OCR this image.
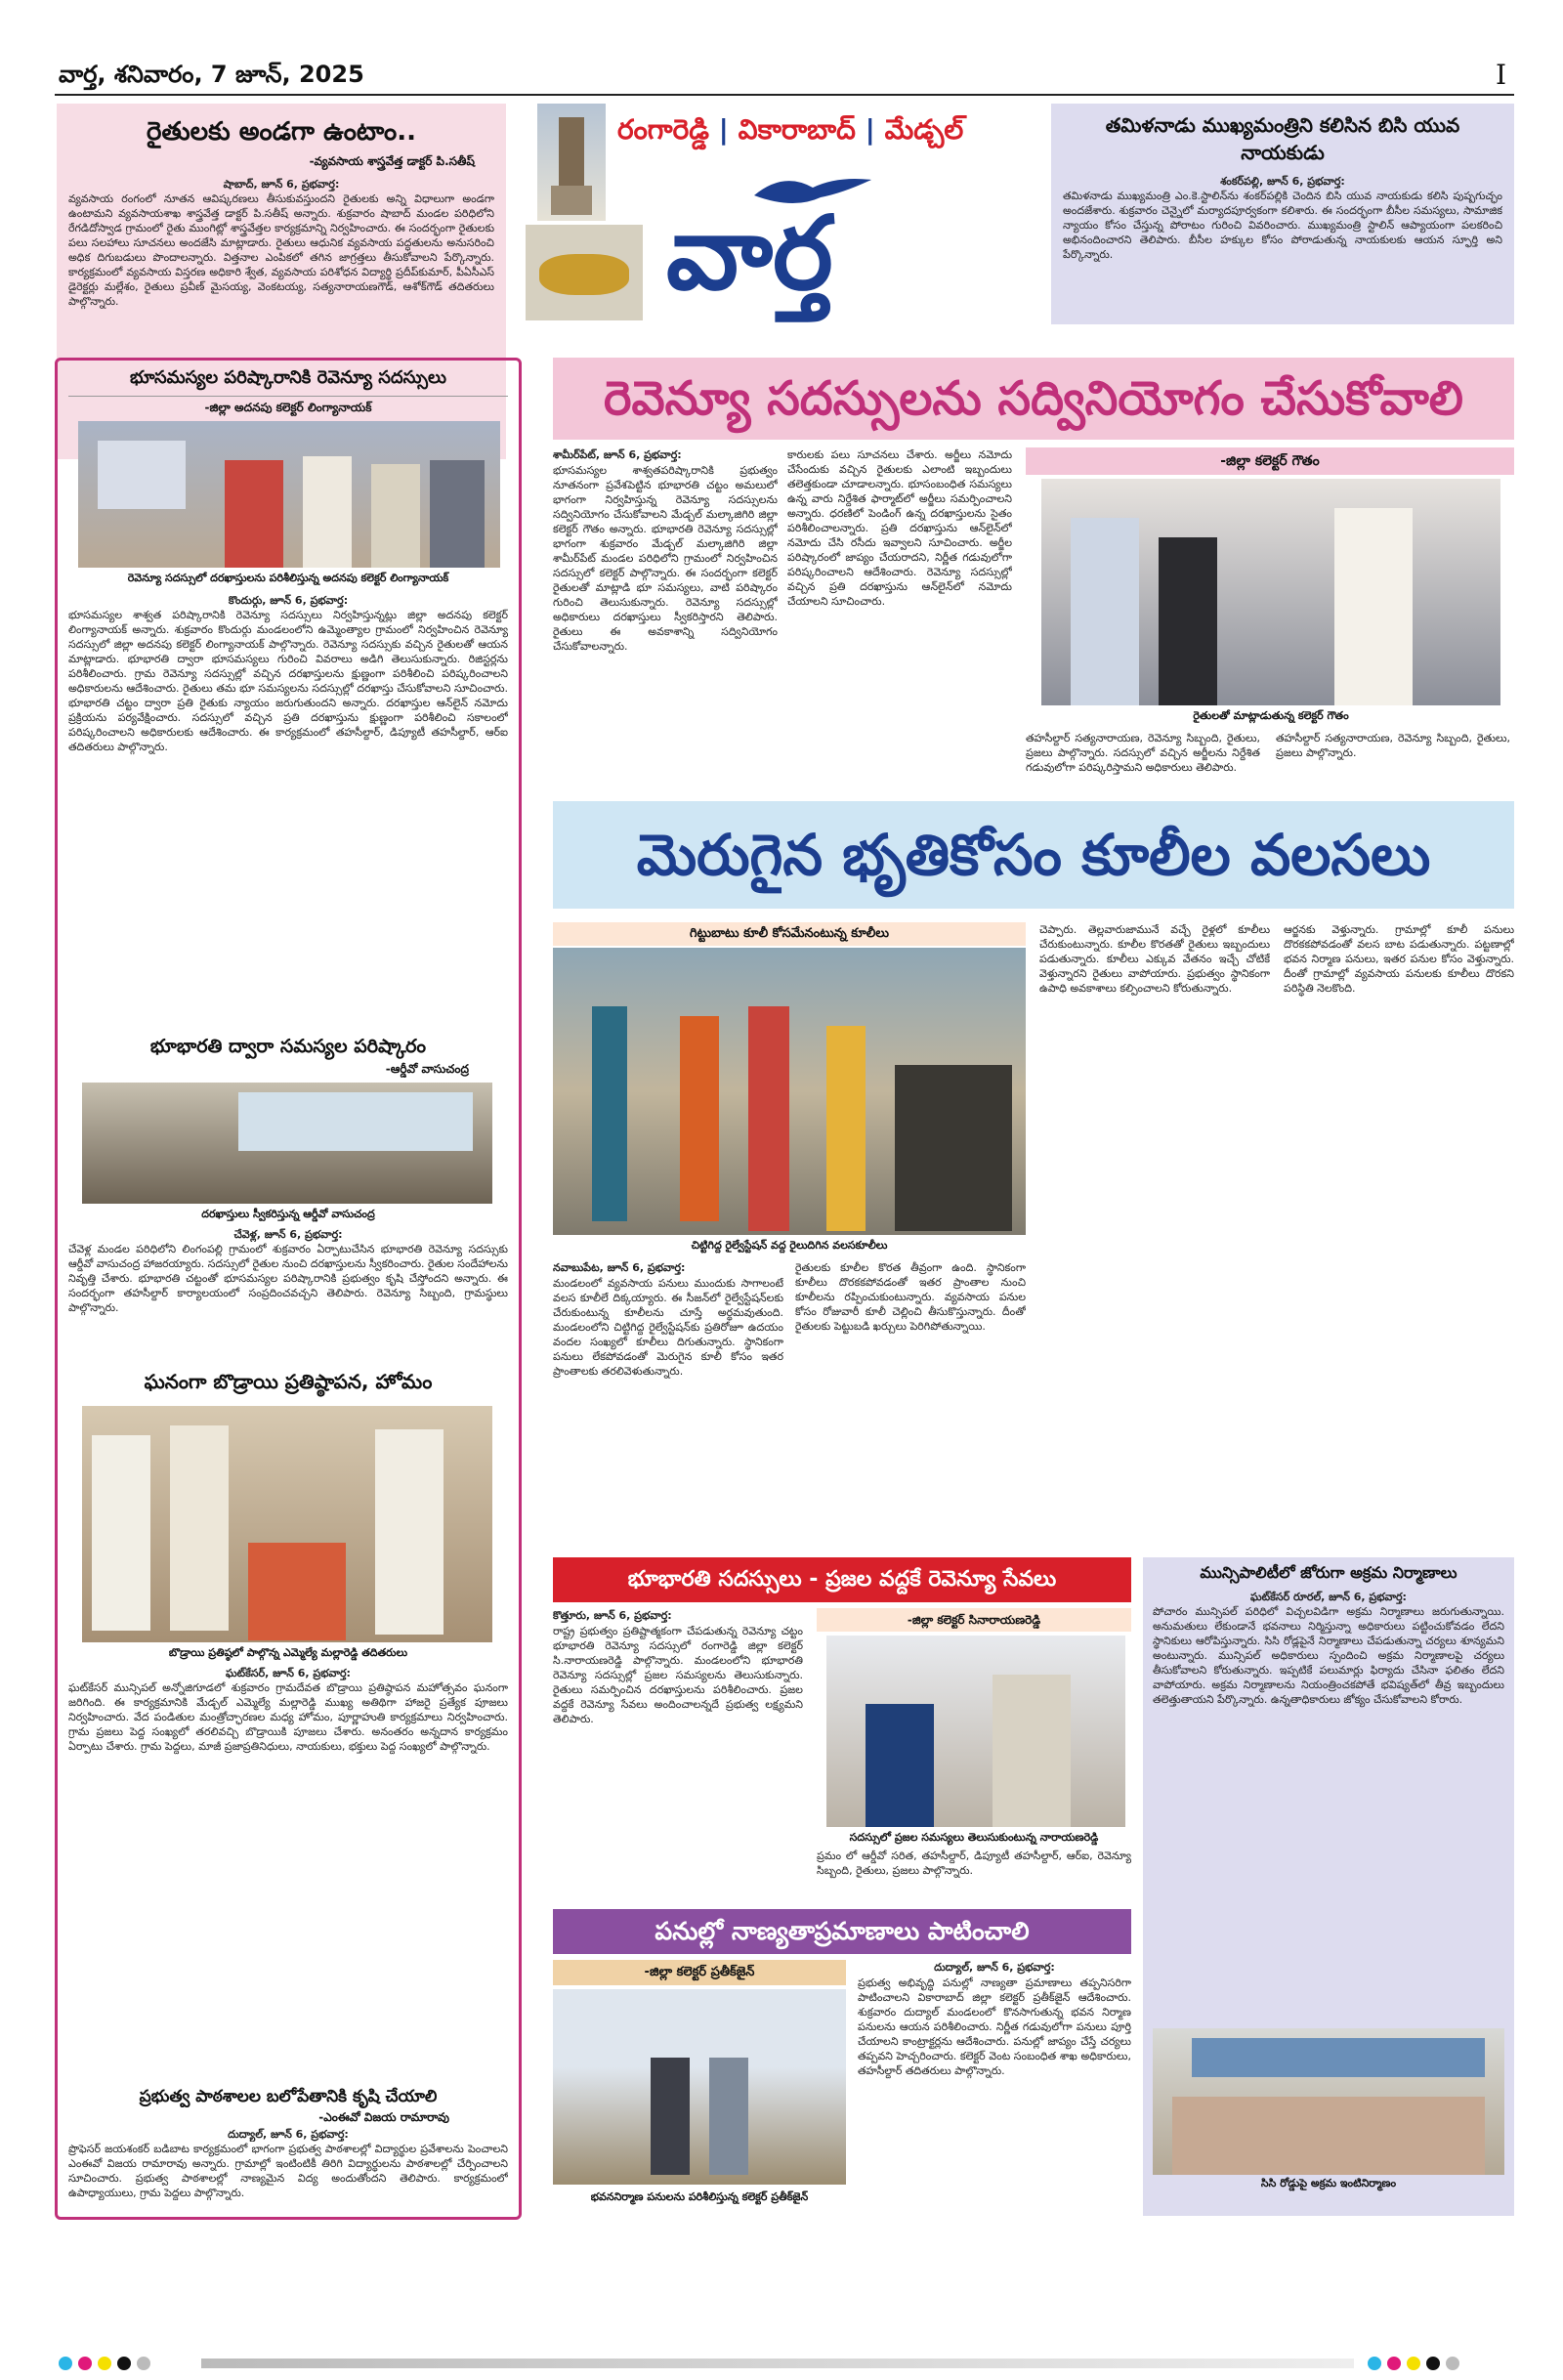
వార్త, శనివారం, 7 జూన్, 2025	I
రైతులకు అండగా ఉంటాం..
-వ్యవసాయ శాస్త్రవేత్త డాక్టర్ పి.సతీష్
షాబాద్, జూన్ 6, ప్రభవార్త:
వ్యవసాయ రంగంలో నూతన ఆవిష్కరణలు తీసుకువస్తుందని రైతులకు అన్ని విధాలుగా అండగా ఉంటామని వ్యవసాయశాఖ శాస్త్రవేత్త డాక్టర్ పి.సతీష్ అన్నారు. శుక్రవారం షాబాద్ మండల పరిధిలోని రేగడిదోస్వాడ గ్రామంలో రైతు ముంగిట్లో శాస్త్రవేత్తల కార్యక్రమాన్ని నిర్వహించారు. ఈ సందర్భంగా రైతులకు పలు సలహాలు సూచనలు అందజేసి మాట్లాడారు. రైతులు ఆధునిక వ్యవసాయ పద్ధతులను అనుసరించి అధిక దిగుబడులు పొందాలన్నారు. విత్తనాల ఎంపికలో తగిన జాగ్రత్తలు తీసుకోవాలని పేర్కొన్నారు. కార్యక్రమంలో వ్యవసాయ విస్తరణ అధికారి శ్వేత, వ్యవసాయ పరిశోధన విద్యార్థి ప్రదీప్‌కుమార్, పీఏసీఎస్ డైరెక్టర్లు మల్లేశం, రైతులు ప్రవీణ్ మైసయ్య, వెంకటయ్య, సత్యనారాయణగౌడ్, ఆశోక్‌గౌడ్ తదితరులు పాల్గొన్నారు.
రంగారెడ్డి | వికారాబాద్ | మేడ్చల్
వార్త
తమిళనాడు ముఖ్యమంత్రిని కలిసిన బిసి యువ నాయకుడు
శంకర్‌పల్లి, జూన్ 6, ప్రభవార్త:
తమిళనాడు ముఖ్యమంత్రి ఎం.కె.స్టాలిన్‌ను శంకర్‌పల్లికి చెందిన బిసి యువ నాయకుడు కలిసి పుష్పగుచ్ఛం అందజేశారు. శుక్రవారం చెన్నైలో మర్యాదపూర్వకంగా కలిశారు. ఈ సందర్భంగా బీసీల సమస్యలు, సామాజిక న్యాయం కోసం చేస్తున్న పోరాటం గురించి వివరించారు. ముఖ్యమంత్రి స్టాలిన్ ఆప్యాయంగా పలకరించి అభినందించారని తెలిపారు. బీసీల హక్కుల కోసం పోరాడుతున్న నాయకులకు ఆయన స్ఫూర్తి అని పేర్కొన్నారు.
భూసమస్యల పరిష్కారానికి రెవెన్యూ సదస్సులు
-జిల్లా అదనపు కలెక్టర్ లింగ్యానాయక్
రెవెన్యూ సదస్సులో దరఖాస్తులను పరిశీలిస్తున్న అదనపు కలెక్టర్ లింగ్యానాయక్
కొందుర్గు, జూన్ 6, ప్రభవార్త:
భూసమస్యల శాశ్వత పరిష్కారానికి రెవెన్యూ సదస్సులు నిర్వహిస్తున్నట్లు జిల్లా అదనపు కలెక్టర్ లింగ్యానాయక్ అన్నారు. శుక్రవారం కొందుర్గు మండలంలోని ఉమ్మెంత్యాల గ్రామంలో నిర్వహించిన రెవెన్యూ సదస్సులో జిల్లా అదనపు కలెక్టర్ లింగ్యానాయక్ పాల్గొన్నారు. రెవెన్యూ సదస్సుకు వచ్చిన రైతులతో ఆయన మాట్లాడారు. భూభారతి ద్వారా భూసమస్యలు గురించి వివరాలు అడిగి తెలుసుకున్నారు. రిజిస్టర్లను పరిశీలించారు. గ్రామ రెవెన్యూ సదస్సుల్లో వచ్చిన దరఖాస్తులను క్షుణ్ణంగా పరిశీలించి పరిష్కరించాలని అధికారులను ఆదేశించారు. రైతులు తమ భూ సమస్యలను సదస్సుల్లో దరఖాస్తు చేసుకోవాలని సూచించారు. భూభారతి చట్టం ద్వారా ప్రతి రైతుకు న్యాయం జరుగుతుందని అన్నారు. దరఖాస్తుల ఆన్‌లైన్ నమోదు ప్రక్రియను పర్యవేక్షించారు. సదస్సులో వచ్చిన ప్రతి దరఖాస్తును క్షుణ్ణంగా పరిశీలించి సకాలంలో పరిష్కరించాలని అధికారులకు ఆదేశించారు. ఈ కార్యక్రమంలో తహసీల్దార్, డిప్యూటీ తహసీల్దార్, ఆర్ఐ తదితరులు పాల్గొన్నారు.
భూభారతి ద్వారా సమస్యల పరిష్కారం
-ఆర్డీవో వాసుచంద్ర
దరఖాస్తులు స్వీకరిస్తున్న ఆర్డీవో వాసుచంద్ర
చేవెళ్ల, జూన్ 6, ప్రభవార్త:
చేవెళ్ల మండల పరిధిలోని లింగంపల్లి గ్రామంలో శుక్రవారం ఏర్పాటుచేసిన భూభారతి రెవెన్యూ సదస్సుకు ఆర్డీవో వాసుచంద్ర హాజరయ్యారు. సదస్సులో రైతుల నుంచి దరఖాస్తులను స్వీకరించారు. రైతుల సందేహాలను నివృత్తి చేశారు. భూభారతి చట్టంతో భూసమస్యల పరిష్కారానికి ప్రభుత్వం కృషి చేస్తోందని అన్నారు. ఈ సందర్భంగా తహసీల్దార్ కార్యాలయంలో సంప్రదించవచ్చని తెలిపారు. రెవెన్యూ సిబ్బంది, గ్రామస్థులు పాల్గొన్నారు.
ఘనంగా బొడ్రాయి ప్రతిష్ఠాపన, హోమం
బొడ్రాయి ప్రతిష్ఠలో పాల్గొన్న ఎమ్మెల్యే మల్లారెడ్డి తదితరులు
ఘట్‌కేసర్, జూన్ 6, ప్రభవార్త:
ఘట్‌కేసర్ మున్సిపల్ అన్నోజిగూడలో శుక్రవారం గ్రామదేవత బొడ్రాయి ప్రతిష్ఠాపన మహోత్సవం ఘనంగా జరిగింది. ఈ కార్యక్రమానికి మేడ్చల్ ఎమ్మెల్యే మల్లారెడ్డి ముఖ్య అతిథిగా హాజరై ప్రత్యేక పూజలు నిర్వహించారు. వేద పండితుల మంత్రోచ్ఛారణల మధ్య హోమం, పూర్ణాహుతి కార్యక్రమాలు నిర్వహించారు. గ్రామ ప్రజలు పెద్ద సంఖ్యలో తరలివచ్చి బొడ్రాయికి పూజలు చేశారు. అనంతరం అన్నదాన కార్యక్రమం ఏర్పాటు చేశారు. గ్రామ పెద్దలు, మాజీ ప్రజాప్రతినిధులు, నాయకులు, భక్తులు పెద్ద సంఖ్యలో పాల్గొన్నారు.
ప్రభుత్వ పాఠశాలల బలోపేతానికి కృషి చేయాలి
-ఎంఈవో విజయ రామారావు
దుద్యాల్, జూన్ 6, ప్రభవార్త:
ప్రొఫెసర్ జయశంకర్ బడిబాట కార్యక్రమంలో భాగంగా ప్రభుత్వ పాఠశాలల్లో విద్యార్థుల ప్రవేశాలను పెంచాలని ఎంఈవో విజయ రామారావు అన్నారు. గ్రామాల్లో ఇంటింటికీ తిరిగి విద్యార్థులను పాఠశాలల్లో చేర్పించాలని సూచించారు. ప్రభుత్వ పాఠశాలల్లో నాణ్యమైన విద్య అందుతోందని తెలిపారు. కార్యక్రమంలో ఉపాధ్యాయులు, గ్రామ పెద్దలు పాల్గొన్నారు.
రెవెన్యూ సదస్సులను సద్వినియోగం చేసుకోవాలి
శామీర్‌పేట్, జూన్ 6, ప్రభవార్త:
భూసమస్యల శాశ్వతపరిష్కారానికి ప్రభుత్వం నూతనంగా ప్రవేశపెట్టిన భూభారతి చట్టం అమలులో భాగంగా నిర్వహిస్తున్న రెవెన్యూ సదస్సులను సద్వినియోగం చేసుకోవాలని మేడ్చల్ మల్కాజిగిరి జిల్లా కలెక్టర్ గౌతం అన్నారు. భూభారతి రెవెన్యూ సదస్సుల్లో భాగంగా శుక్రవారం మేడ్చల్ మల్కాజిగిరి జిల్లా శామీర్‌పేట్ మండల పరిధిలోని గ్రామంలో నిర్వహించిన సదస్సులో కలెక్టర్ పాల్గొన్నారు. ఈ సందర్భంగా కలెక్టర్ రైతులతో మాట్లాడి భూ సమస్యలు, వాటి పరిష్కారం గురించి తెలుసుకున్నారు. రెవెన్యూ సదస్సుల్లో అధికారులు దరఖాస్తులు స్వీకరిస్తారని తెలిపారు. రైతులు ఈ అవకాశాన్ని సద్వినియోగం చేసుకోవాలన్నారు.
కారులకు పలు సూచనలు చేశారు. అర్జీలు నమోదు చేసేందుకు వచ్చిన రైతులకు ఎలాంటి ఇబ్బందులు తలెత్తకుండా చూడాలన్నారు. భూసంబంధిత సమస్యలు ఉన్న వారు నిర్దేశిత ఫార్మాట్‌లో అర్జీలు సమర్పించాలని అన్నారు. ధరణిలో పెండింగ్ ఉన్న దరఖాస్తులను సైతం పరిశీలించాలన్నారు. ప్రతి దరఖాస్తును ఆన్‌లైన్‌లో నమోదు చేసి రసీదు ఇవ్వాలని సూచించారు. అర్జీల పరిష్కారంలో జాప్యం చేయరాదని, నిర్ణీత గడువులోగా పరిష్కరించాలని ఆదేశించారు. రెవెన్యూ సదస్సుల్లో వచ్చిన ప్రతి దరఖాస్తును ఆన్‌లైన్‌లో నమోదు చేయాలని సూచించారు.
-జిల్లా కలెక్టర్ గౌతం
రైతులతో మాట్లాడుతున్న కలెక్టర్ గౌతం
తహసీల్దార్ సత్యనారాయణ, రెవెన్యూ సిబ్బంది, రైతులు, ప్రజలు పాల్గొన్నారు. సదస్సులో వచ్చిన అర్జీలను నిర్దేశిత గడువులోగా పరిష్కరిస్తామని అధికారులు తెలిపారు.
తహసీల్దార్ సత్యనారాయణ, రెవెన్యూ సిబ్బంది, రైతులు, ప్రజలు పాల్గొన్నారు.
మెరుగైన భృతికోసం కూలీల వలసలు
గిట్టుబాటు కూలీ కోసమేనంటున్న కూలీలు
చిట్టిగిద్ద రైల్వేస్టేషన్ వద్ద రైలుదిగిన వలసకూలీలు
నవాబుపేట, జూన్ 6, ప్రభవార్త:
మండలంలో వ్యవసాయ పనులు ముందుకు సాగాలంటే వలస కూలీలే దిక్కయ్యారు. ఈ సీజన్‌లో రైల్వేస్టేషన్‌లకు చేరుకుంటున్న కూలీలను చూస్తే అర్థమవుతుంది. మండలంలోని చిట్టిగిద్ద రైల్వేస్టేషన్‌కు ప్రతిరోజూ ఉదయం వందల సంఖ్యలో కూలీలు దిగుతున్నారు. స్థానికంగా పనులు లేకపోవడంతో మెరుగైన కూలీ కోసం ఇతర ప్రాంతాలకు తరలివెళుతున్నారు.
రైతులకు కూలీల కొరత తీవ్రంగా ఉంది. స్థానికంగా కూలీలు దొరకకపోవడంతో ఇతర ప్రాంతాల నుంచి కూలీలను రప్పించుకుంటున్నారు. వ్యవసాయ పనుల కోసం రోజువారీ కూలీ చెల్లించి తీసుకొస్తున్నారు. దీంతో రైతులకు పెట్టుబడి ఖర్చులు పెరిగిపోతున్నాయి.
చెప్పారు. తెల్లవారుజామునే వచ్చే రైళ్లలో కూలీలు చేరుకుంటున్నారు. కూలీల కొరతతో రైతులు ఇబ్బందులు పడుతున్నారు. కూలీలు ఎక్కువ వేతనం ఇచ్చే చోటికే వెళ్తున్నారని రైతులు వాపోయారు. ప్రభుత్వం స్థానికంగా ఉపాధి అవకాశాలు కల్పించాలని కోరుతున్నారు.
ఆర్జనకు వెళ్తున్నారు. గ్రామాల్లో కూలీ పనులు దొరకకపోవడంతో వలస బాట పడుతున్నారు. పట్టణాల్లో భవన నిర్మాణ పనులు, ఇతర పనుల కోసం వెళ్తున్నారు. దీంతో గ్రామాల్లో వ్యవసాయ పనులకు కూలీలు దొరకని పరిస్థితి నెలకొంది.
భూభారతి సదస్సులు - ప్రజల వద్దకే రెవెన్యూ సేవలు
కొత్తూరు, జూన్ 6, ప్రభవార్త:
రాష్ట్ర ప్రభుత్వం ప్రతిష్టాత్మకంగా చేపడుతున్న రెవెన్యూ చట్టం భూభారతి రెవెన్యూ సదస్సులో రంగారెడ్డి జిల్లా కలెక్టర్ సి.నారాయణరెడ్డి పాల్గొన్నారు. మండలంలోని భూభారతి రెవెన్యూ సదస్సుల్లో ప్రజల సమస్యలను తెలుసుకున్నారు. రైతులు సమర్పించిన దరఖాస్తులను పరిశీలించారు. ప్రజల వద్దకే రెవెన్యూ సేవలు అందించాలన్నదే ప్రభుత్వ లక్ష్యమని తెలిపారు.
-జిల్లా కలెక్టర్ సినారాయణరెడ్డి
సదస్సులో ప్రజల సమస్యలు తెలుసుకుంటున్న నారాయణరెడ్డి
ప్రమం లో ఆర్డీవో సరిత, తహసీల్దార్, డిప్యూటీ తహసీల్దార్, ఆర్ఐ, రెవెన్యూ సిబ్బంది, రైతులు, ప్రజలు పాల్గొన్నారు.
పనుల్లో నాణ్యతాప్రమాణాలు పాటించాలి
-జిల్లా కలెక్టర్ ప్రతీక్‌జైన్
భవననిర్మాణ పనులను పరిశీలిస్తున్న కలెక్టర్ ప్రతీక్‌జైన్
దుద్యాల్, జూన్ 6, ప్రభవార్త:
ప్రభుత్వ అభివృద్ధి పనుల్లో నాణ్యతా ప్రమాణాలు తప్పనిసరిగా పాటించాలని వికారాబాద్ జిల్లా కలెక్టర్ ప్రతీక్‌జైన్ ఆదేశించారు. శుక్రవారం దుద్యాల్ మండలంలో కొనసాగుతున్న భవన నిర్మాణ పనులను ఆయన పరిశీలించారు. నిర్ణీత గడువులోగా పనులు పూర్తి చేయాలని కాంట్రాక్టర్లను ఆదేశించారు. పనుల్లో జాప్యం చేస్తే చర్యలు తప్పవని హెచ్చరించారు. కలెక్టర్ వెంట సంబంధిత శాఖ అధికారులు, తహసీల్దార్ తదితరులు పాల్గొన్నారు.
మున్సిపాలిటీలో జోరుగా అక్రమ నిర్మాణాలు
ఘట్‌కేసర్ రూరల్, జూన్ 6, ప్రభవార్త:
పోచారం మున్సిపల్ పరిధిలో విచ్చలవిడిగా అక్రమ నిర్మాణాలు జరుగుతున్నాయి. అనుమతులు లేకుండానే భవనాలు నిర్మిస్తున్నా అధికారులు పట్టించుకోవడం లేదని స్థానికులు ఆరోపిస్తున్నారు. సిసి రోడ్లపైనే నిర్మాణాలు చేపడుతున్నా చర్యలు శూన్యమని అంటున్నారు. మున్సిపల్ అధికారులు స్పందించి అక్రమ నిర్మాణాలపై చర్యలు తీసుకోవాలని కోరుతున్నారు. ఇప్పటికే పలుమార్లు ఫిర్యాదు చేసినా ఫలితం లేదని వాపోయారు. అక్రమ నిర్మాణాలను నియంత్రించకపోతే భవిష్యత్‌లో తీవ్ర ఇబ్బందులు తలెత్తుతాయని పేర్కొన్నారు. ఉన్నతాధికారులు జోక్యం చేసుకోవాలని కోరారు.
సిసి రోడ్డుపై అక్రమ ఇంటినిర్మాణం
